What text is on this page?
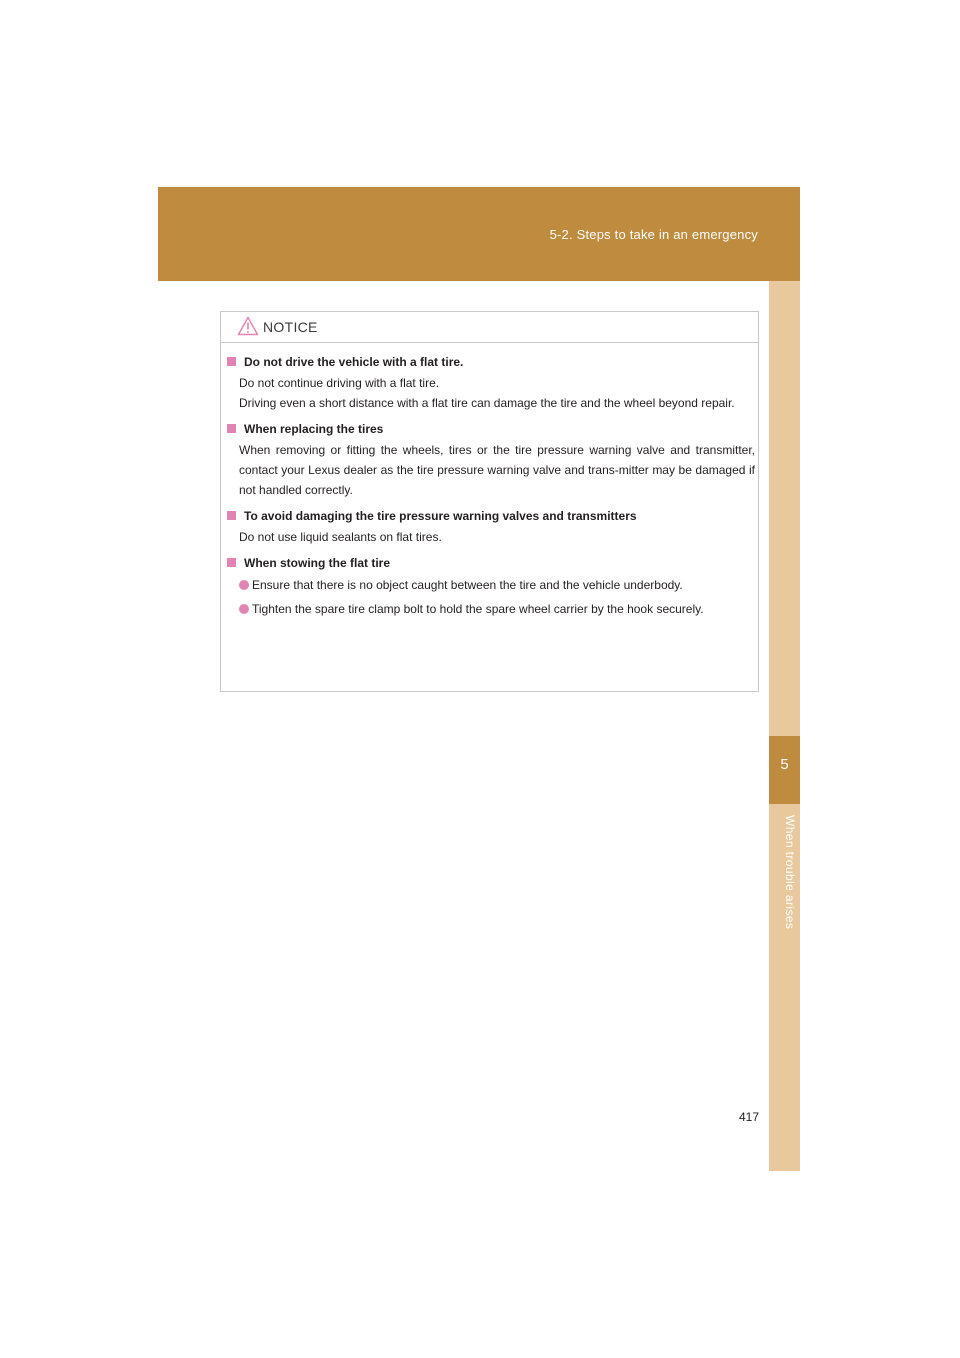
5-2. Steps to take in an emergency
5
When trouble arises
NOTICE
Do not drive the vehicle with a flat tire.

Do not continue driving with a flat tire.

Driving even a short distance with a flat tire can damage the tire and the wheel beyond repair.

When replacing the tires

When removing or fitting the wheels, tires or the tire pressure warning valve and transmitter, contact your Lexus dealer as the tire pressure warning valve and trans-mitter may be damaged if not handled correctly.

To avoid damaging the tire pressure warning valves and transmitters

Do not use liquid sealants on flat tires.

When stowing the flat tire
Ensure that there is no object caught between the tire and the vehicle underbody.
Tighten the spare tire clamp bolt to hold the spare wheel carrier by the hook securely.
417
